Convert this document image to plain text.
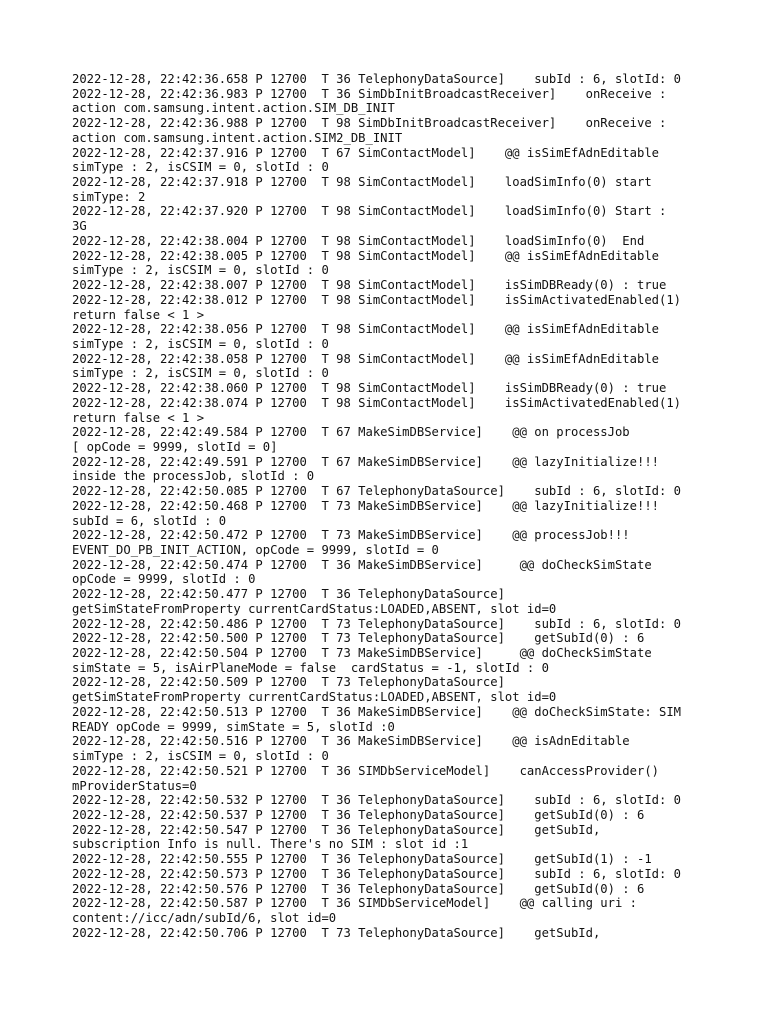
2022-12-28, 22:42:36.658 P 12700  T 36 TelephonyDataSource]    subId : 6, slotId: 0
2022-12-28, 22:42:36.983 P 12700  T 36 SimDbInitBroadcastReceiver]    onReceive :
action com.samsung.intent.action.SIM_DB_INIT
2022-12-28, 22:42:36.988 P 12700  T 98 SimDbInitBroadcastReceiver]    onReceive :
action com.samsung.intent.action.SIM2_DB_INIT
2022-12-28, 22:42:37.916 P 12700  T 67 SimContactModel]    @@ isSimEfAdnEditable
simType : 2, isCSIM = 0, slotId : 0
2022-12-28, 22:42:37.918 P 12700  T 98 SimContactModel]    loadSimInfo(0) start
simType: 2
2022-12-28, 22:42:37.920 P 12700  T 98 SimContactModel]    loadSimInfo(0) Start :
3G
2022-12-28, 22:42:38.004 P 12700  T 98 SimContactModel]    loadSimInfo(0)  End
2022-12-28, 22:42:38.005 P 12700  T 98 SimContactModel]    @@ isSimEfAdnEditable
simType : 2, isCSIM = 0, slotId : 0
2022-12-28, 22:42:38.007 P 12700  T 98 SimContactModel]    isSimDBReady(0) : true
2022-12-28, 22:42:38.012 P 12700  T 98 SimContactModel]    isSimActivatedEnabled(1)
return false < 1 >
2022-12-28, 22:42:38.056 P 12700  T 98 SimContactModel]    @@ isSimEfAdnEditable
simType : 2, isCSIM = 0, slotId : 0
2022-12-28, 22:42:38.058 P 12700  T 98 SimContactModel]    @@ isSimEfAdnEditable
simType : 2, isCSIM = 0, slotId : 0
2022-12-28, 22:42:38.060 P 12700  T 98 SimContactModel]    isSimDBReady(0) : true
2022-12-28, 22:42:38.074 P 12700  T 98 SimContactModel]    isSimActivatedEnabled(1)
return false < 1 >
2022-12-28, 22:42:49.584 P 12700  T 67 MakeSimDBService]    @@ on processJob
[ opCode = 9999, slotId = 0]
2022-12-28, 22:42:49.591 P 12700  T 67 MakeSimDBService]    @@ lazyInitialize!!!
inside the processJob, slotId : 0
2022-12-28, 22:42:50.085 P 12700  T 67 TelephonyDataSource]    subId : 6, slotId: 0
2022-12-28, 22:42:50.468 P 12700  T 73 MakeSimDBService]    @@ lazyInitialize!!!
subId = 6, slotId : 0
2022-12-28, 22:42:50.472 P 12700  T 73 MakeSimDBService]    @@ processJob!!!
EVENT_DO_PB_INIT_ACTION, opCode = 9999, slotId = 0
2022-12-28, 22:42:50.474 P 12700  T 36 MakeSimDBService]     @@ doCheckSimState
opCode = 9999, slotId : 0
2022-12-28, 22:42:50.477 P 12700  T 36 TelephonyDataSource]
getSimStateFromProperty currentCardStatus:LOADED,ABSENT, slot id=0
2022-12-28, 22:42:50.486 P 12700  T 73 TelephonyDataSource]    subId : 6, slotId: 0
2022-12-28, 22:42:50.500 P 12700  T 73 TelephonyDataSource]    getSubId(0) : 6
2022-12-28, 22:42:50.504 P 12700  T 73 MakeSimDBService]     @@ doCheckSimState
simState = 5, isAirPlaneMode = false  cardStatus = -1, slotId : 0
2022-12-28, 22:42:50.509 P 12700  T 73 TelephonyDataSource]
getSimStateFromProperty currentCardStatus:LOADED,ABSENT, slot id=0
2022-12-28, 22:42:50.513 P 12700  T 36 MakeSimDBService]    @@ doCheckSimState: SIM
READY opCode = 9999, simState = 5, slotId :0
2022-12-28, 22:42:50.516 P 12700  T 36 MakeSimDBService]    @@ isAdnEditable
simType : 2, isCSIM = 0, slotId : 0
2022-12-28, 22:42:50.521 P 12700  T 36 SIMDbServiceModel]    canAccessProvider()
mProviderStatus=0
2022-12-28, 22:42:50.532 P 12700  T 36 TelephonyDataSource]    subId : 6, slotId: 0
2022-12-28, 22:42:50.537 P 12700  T 36 TelephonyDataSource]    getSubId(0) : 6
2022-12-28, 22:42:50.547 P 12700  T 36 TelephonyDataSource]    getSubId,
subscription Info is null. There's no SIM : slot id :1
2022-12-28, 22:42:50.555 P 12700  T 36 TelephonyDataSource]    getSubId(1) : -1
2022-12-28, 22:42:50.573 P 12700  T 36 TelephonyDataSource]    subId : 6, slotId: 0
2022-12-28, 22:42:50.576 P 12700  T 36 TelephonyDataSource]    getSubId(0) : 6
2022-12-28, 22:42:50.587 P 12700  T 36 SIMDbServiceModel]    @@ calling uri :
content://icc/adn/subId/6, slot id=0
2022-12-28, 22:42:50.706 P 12700  T 73 TelephonyDataSource]    getSubId,
